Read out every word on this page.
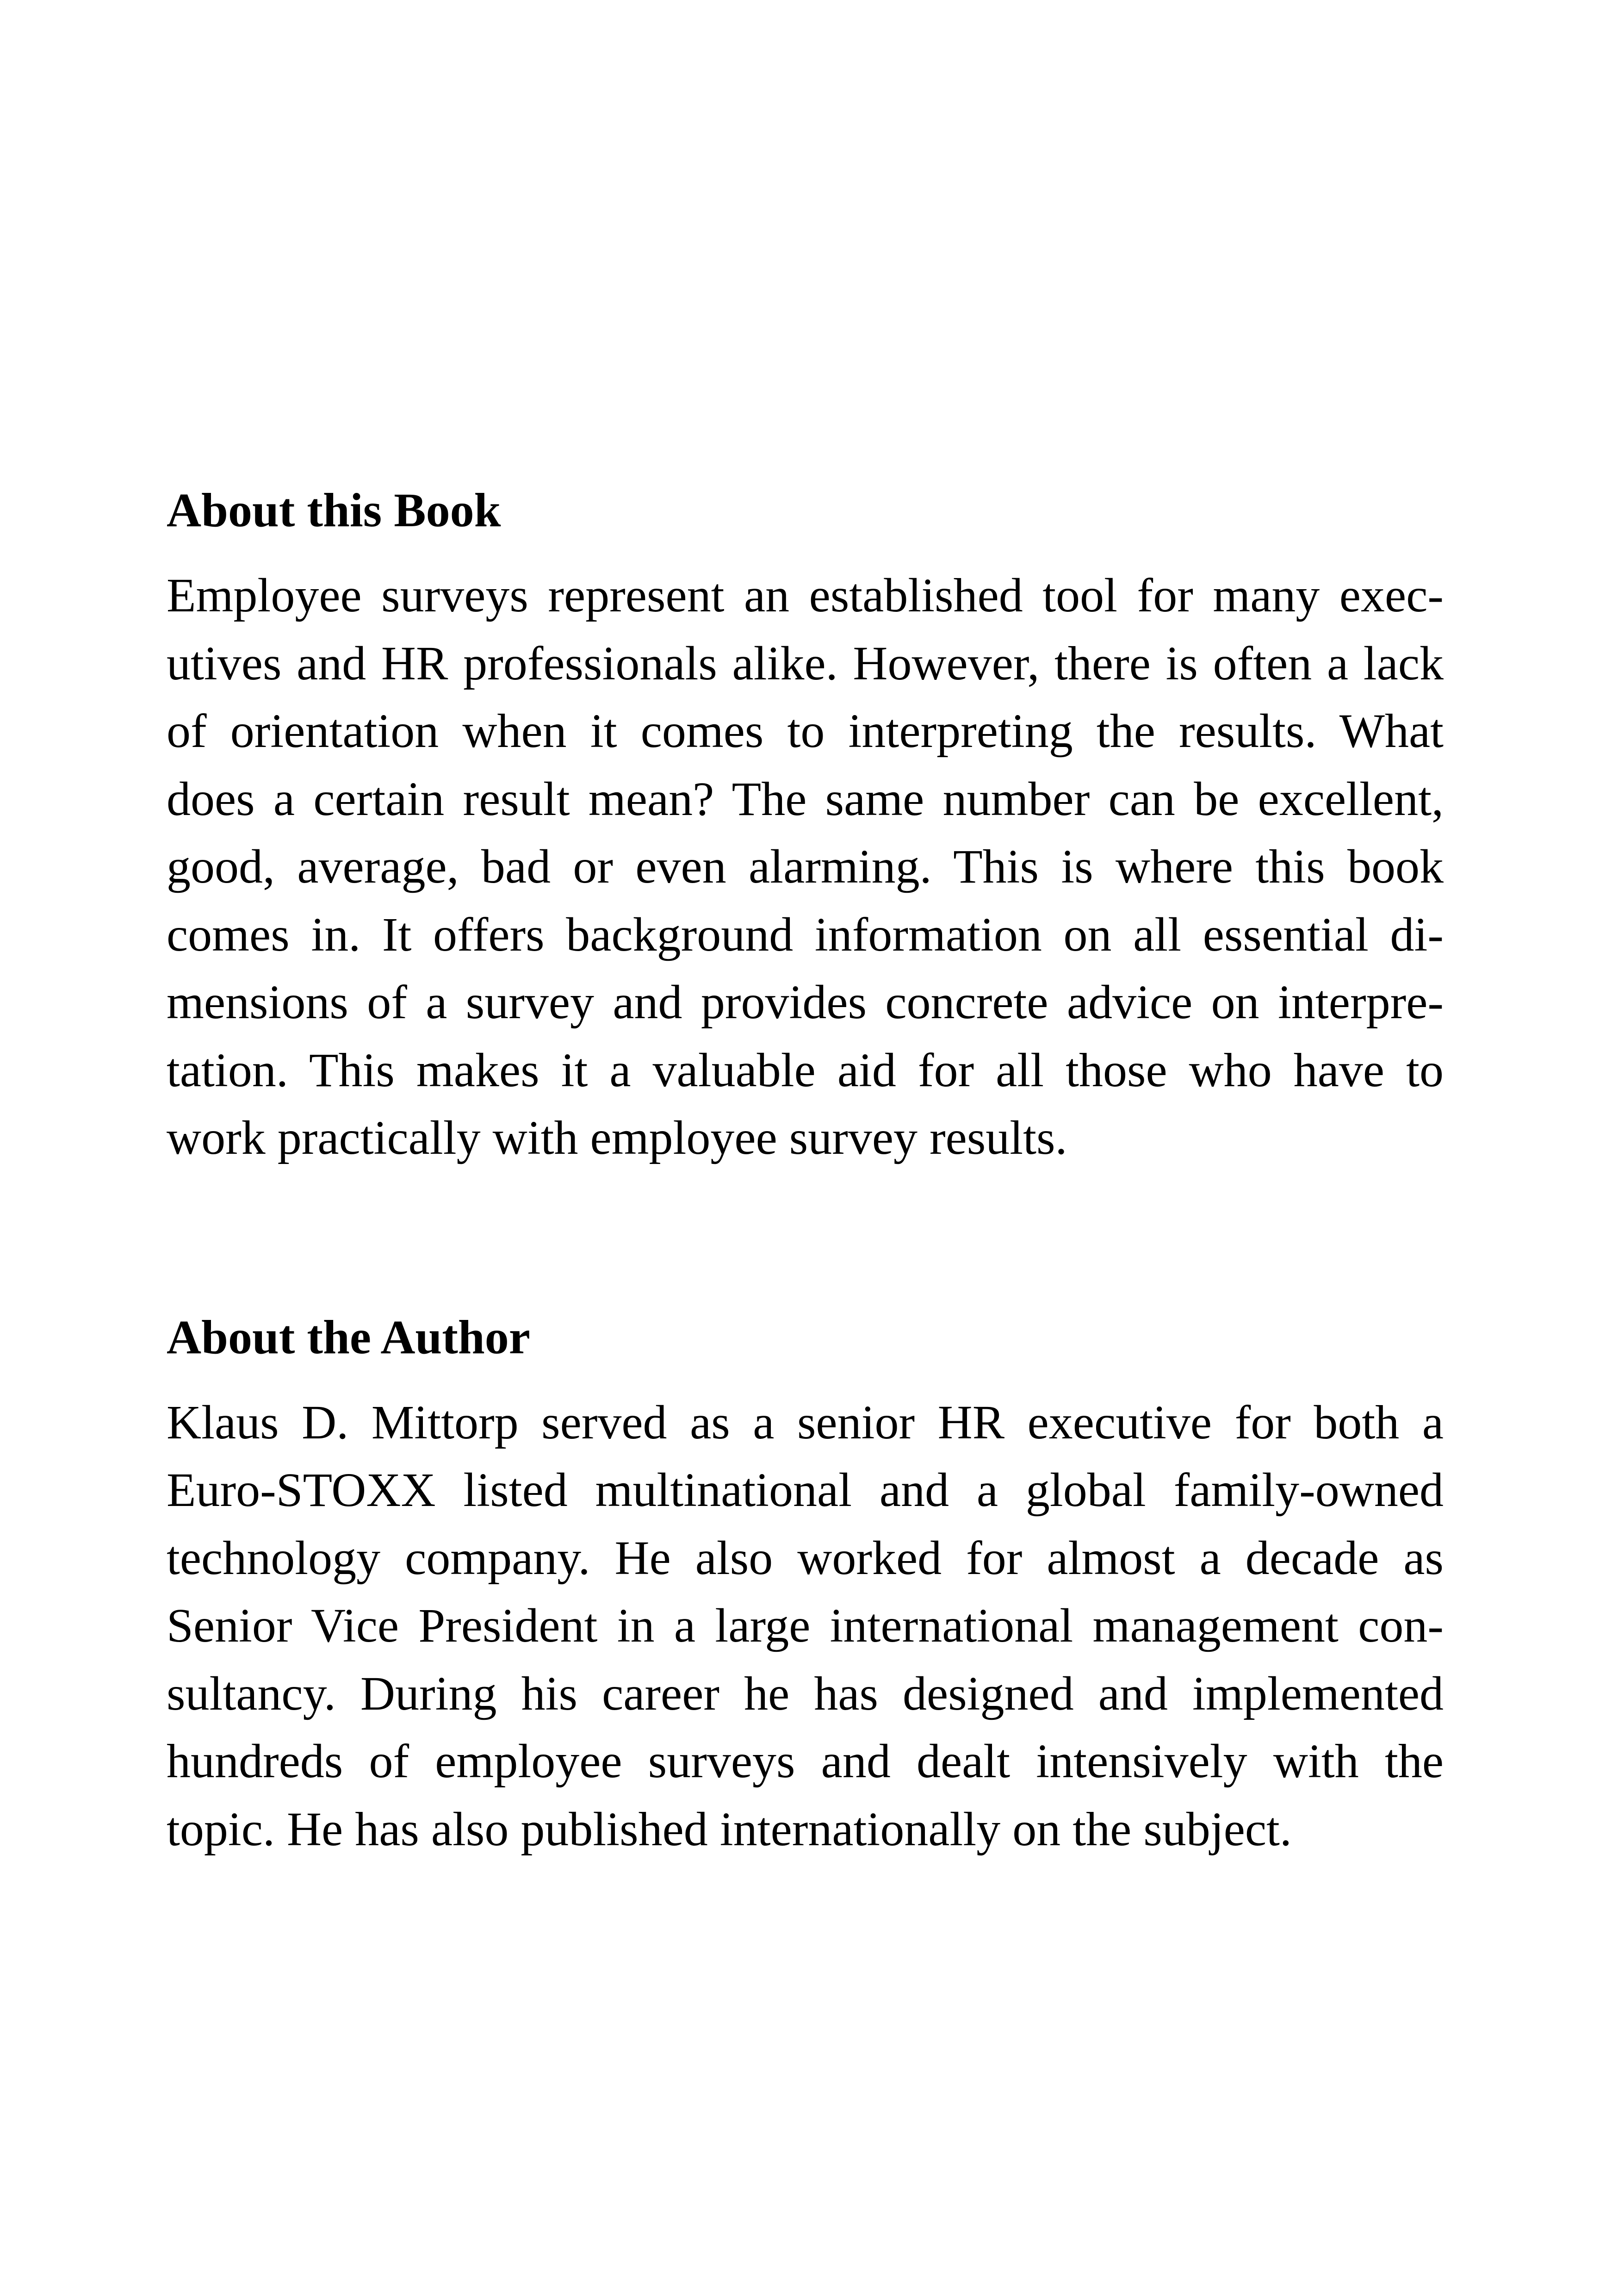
About this Book
Employee surveys represent an established tool for many exec-
utives and HR professionals alike. However, there is often a lack
of orientation when it comes to interpreting the results. What
does a certain result mean? The same number can be excellent,
good, average, bad or even alarming. This is where this book
comes in. It offers background information on all essential di-
mensions of a survey and provides concrete advice on interpre-
tation. This makes it a valuable aid for all those who have to
work practically with employee survey results.
About the Author
Klaus D. Mittorp served as a senior HR executive for both a
Euro-STOXX listed multinational and a global family-owned
technology company. He also worked for almost a decade as
Senior Vice President in a large international management con-
sultancy. During his career he has designed and implemented
hundreds of employee surveys and dealt intensively with the
topic. He has also published internationally on the subject.
